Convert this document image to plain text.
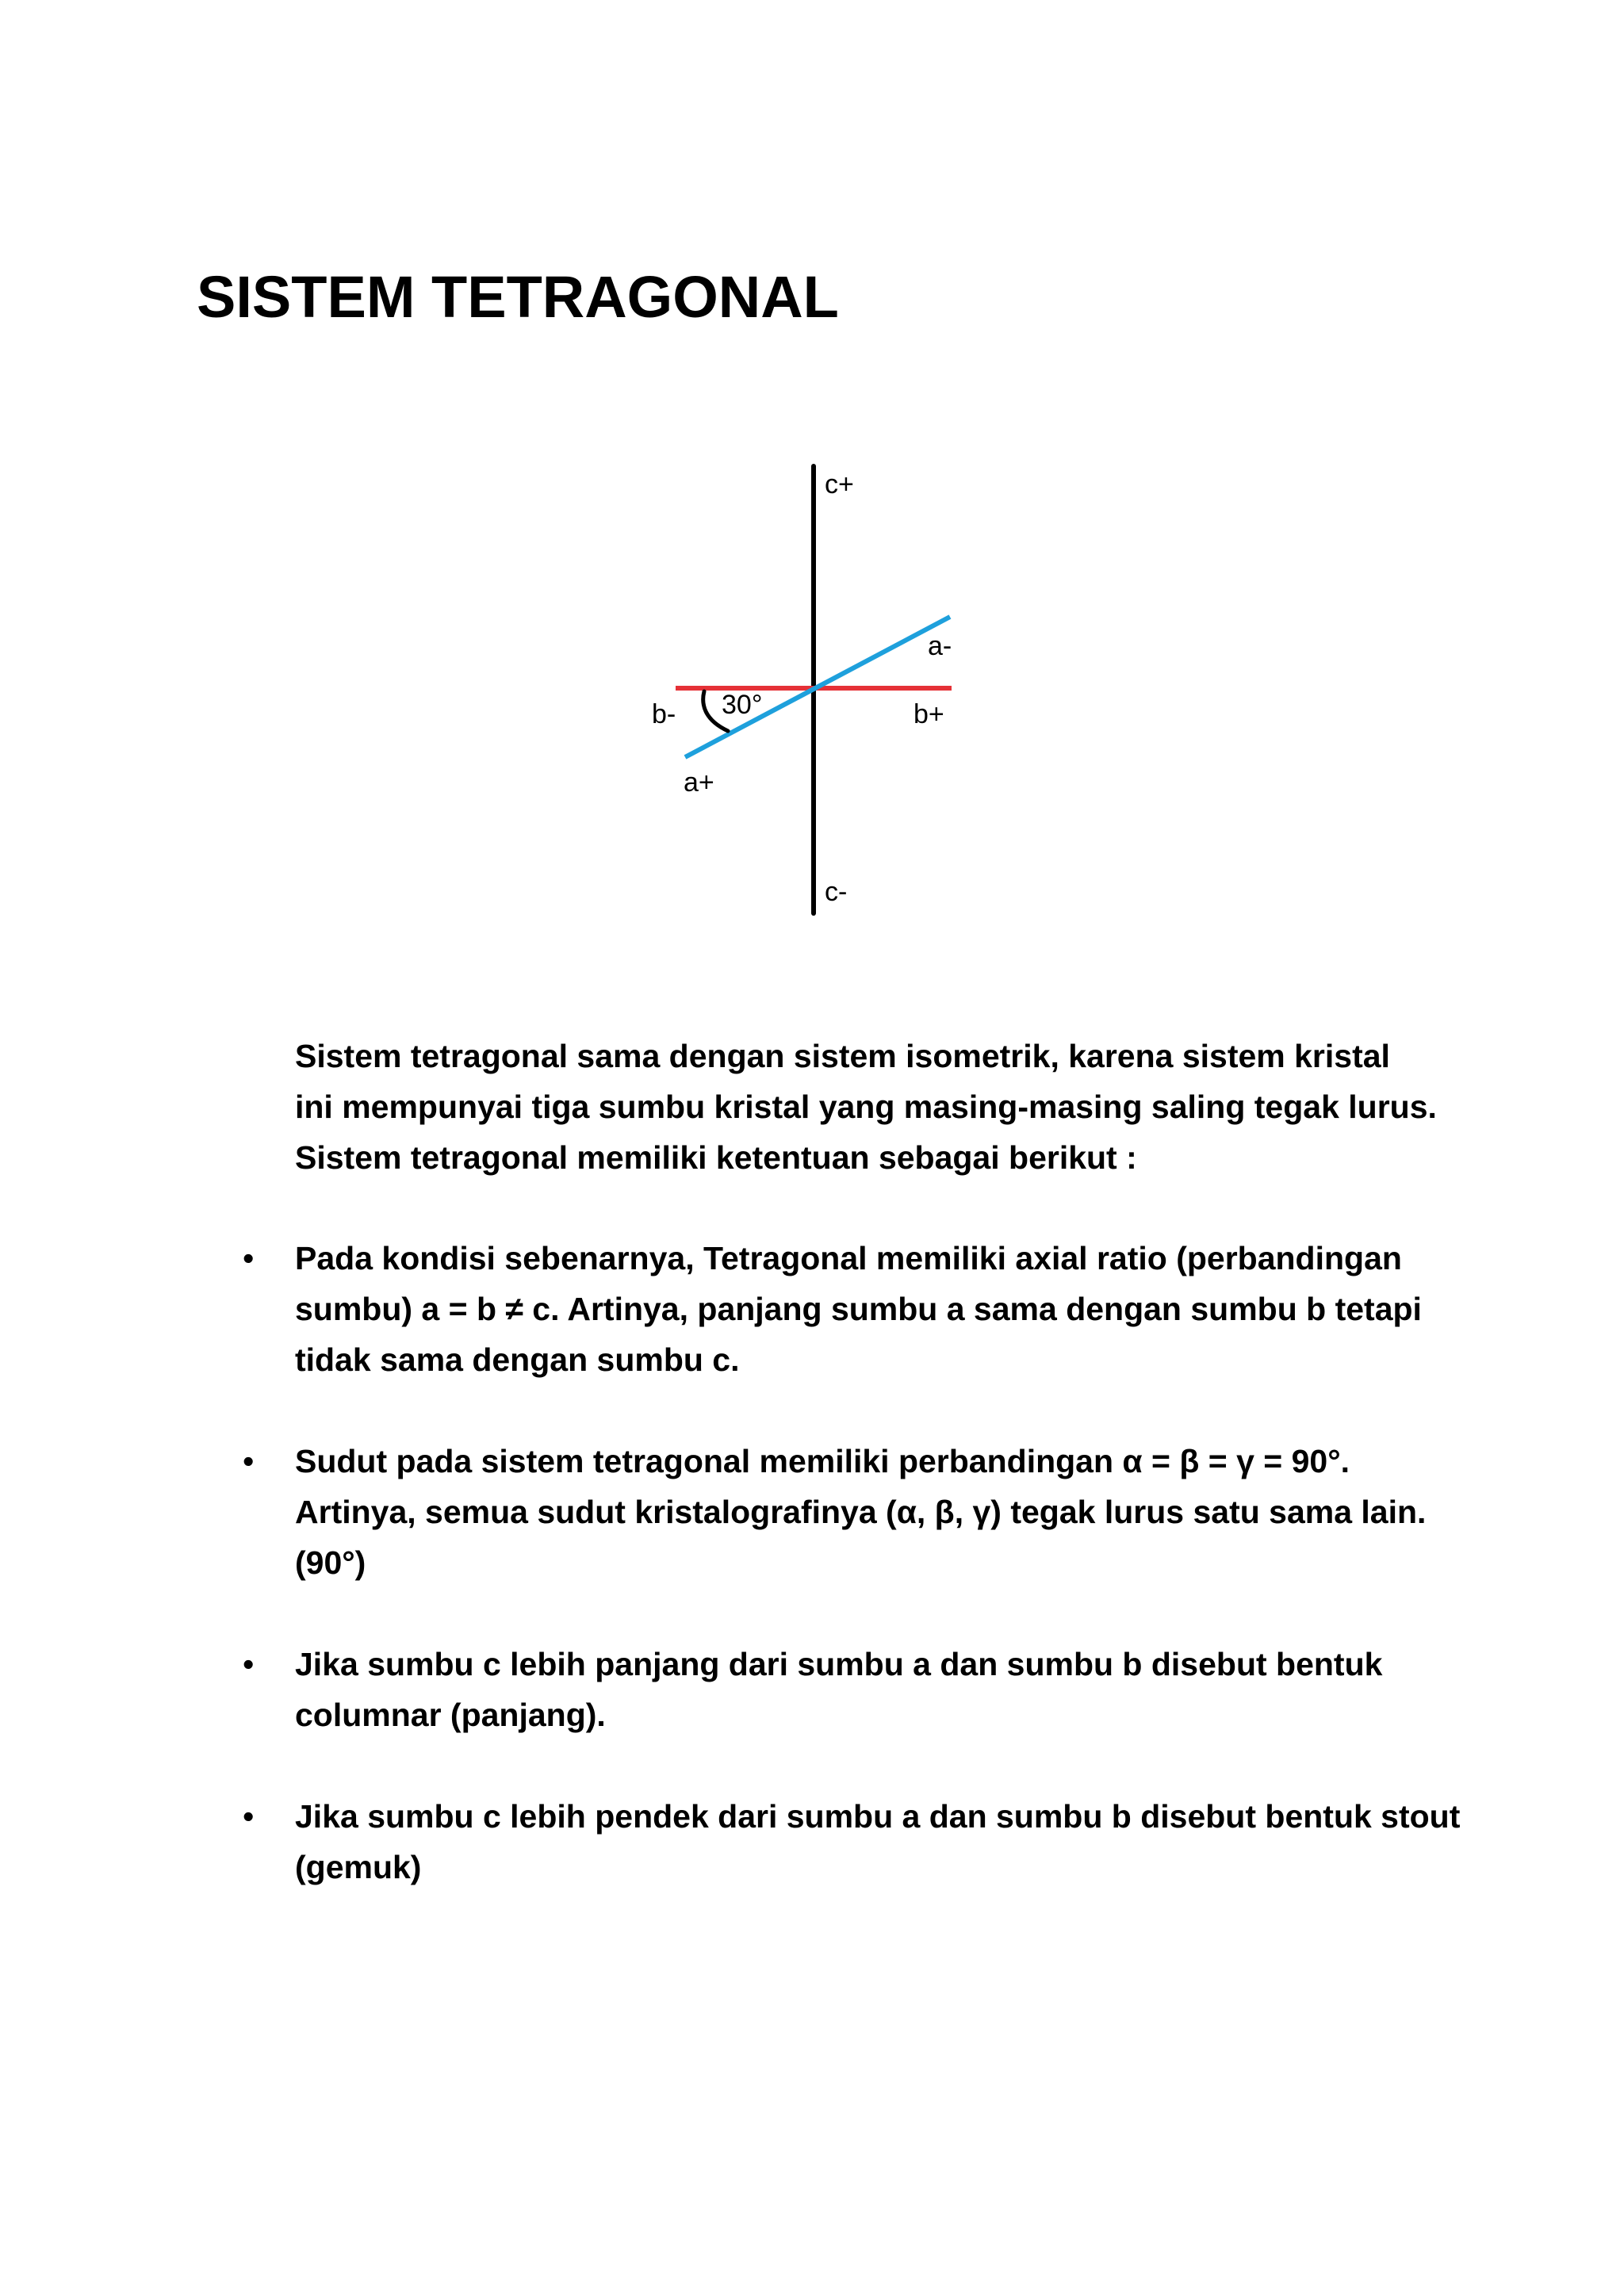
SISTEM TETRAGONAL
c+
c-
a-
b+
b- 30°
a+

Sistem tetragonal sama dengan sistem isometrik, karena sistem kristal ini mempunyai tiga sumbu kristal yang masing-masing saling tegak lurus. Sistem tetragonal memiliki ketentuan sebagai berikut :

• Pada kondisi sebenarnya, Tetragonal memiliki axial ratio (perbandingan sumbu) a = b ≠ c. Artinya, panjang sumbu a sama dengan sumbu b tetapi tidak sama dengan sumbu c.
• Sudut pada sistem tetragonal memiliki perbandingan α = β = γ = 90°. Artinya, semua sudut kristalografinya (α, β, γ) tegak lurus satu sama lain. (90°)
• Jika sumbu c lebih panjang dari sumbu a dan sumbu b disebut bentuk columnar (panjang).
• Jika sumbu c lebih pendek dari sumbu a dan sumbu b disebut bentuk stout (gemuk)
